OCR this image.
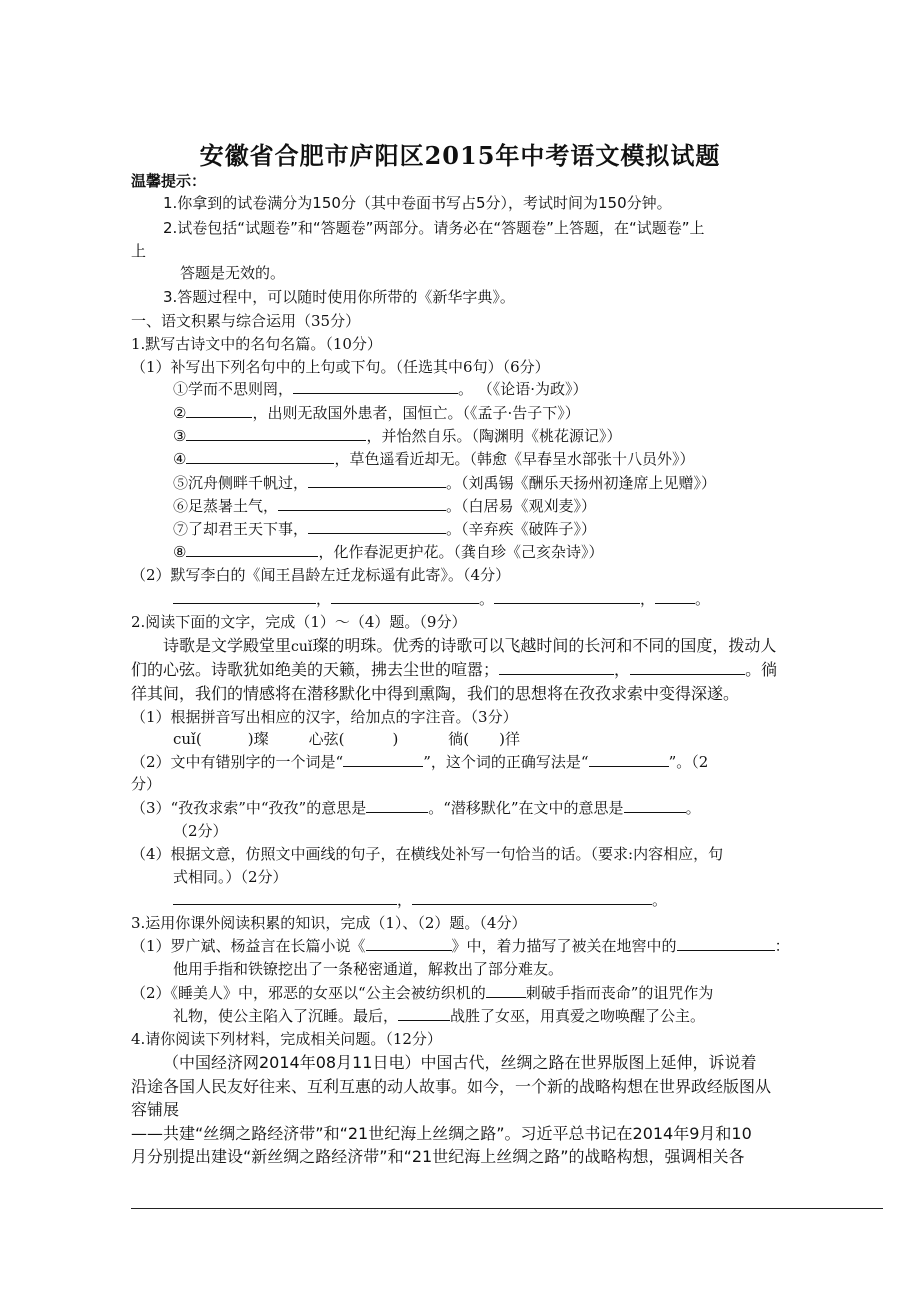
安徽省合肥市庐阳区2015年中考语文模拟试题
温馨提示：
1.你拿到的试卷满分为150分（其中卷面书写占5分），考试时间为150分钟。
2.试卷包括“试题卷”和“答题卷”两部分。请务必在“答题卷”上答题，在“试题卷”上
上
答题是无效的。
3.答题过程中，可以随时使用你所带的《新华字典》。
一、语文积累与综合运用（35分）
1.默写古诗文中的名句名篇。（10分）
（1）补写出下列名句中的上句或下句。（任选其中6句）（6分）
①学而不思则罔，	。 （《论语·为政》）
②	，出则无敌国外患者，国恒亡。（《孟子·告子下》）
③	，并怡然自乐。（陶渊明《桃花源记》）
④	，草色遥看近却无。（韩愈《早春呈水部张十八员外》）
⑤沉舟侧畔千帆过，	。（刘禹锡《酬乐天扬州初逢席上见赠》）
⑥足蒸暑土气，	。（白居易《观刈麦》）
⑦了却君王天下事，	。（辛弃疾《破阵子》）
⑧	，化作春泥更护花。（龚自珍《己亥杂诗》）
（2）默写李白的《闻王昌龄左迁龙标遥有此寄》。（4分）
，	。	，	。
2.阅读下面的文字，完成（1）～（4）题。（9分）
诗歌是文学殿堂里cuǐ璨的明珠。优秀的诗歌可以飞越时间的长河和不同的国度，拨动人
们的心弦。诗歌犹如绝美的天籁，拂去尘世的喧嚣；	，	。徜
徉其间，我们的情感将在潜移默化中得到熏陶，我们的思想将在孜孜求索中变得深遂。
（1）根据拼音写出相应的汉字，给加点的字注音。（3分）
cuǐ(	)璨	心弦(	)	徜( )徉
（2）文中有错别字的一个词是“	”，这个词的正确写法是“	”。（2
分）
（3）“孜孜求索”中“孜孜”的意思是	。“潜移默化”在文中的意思是	。
（2分）
（4）根据文意，仿照文中画线的句子，在横线处补写一句恰当的话。（要求:内容相应，句
式相同。）（2分）
，	。
3.运用你课外阅读积累的知识，完成（1）、（2）题。（4分）
（1）罗广斌、杨益言在长篇小说《	》中，着力描写了被关在地窖中的	：
他用手指和铁镣挖出了一条秘密通道，解救出了部分难友。
（2）《睡美人》中，邪恶的女巫以“公主会被纺织机的	刺破手指而丧命”的诅咒作为
礼物，使公主陷入了沉睡。最后，	战胜了女巫，用真爱之吻唤醒了公主。
4.请你阅读下列材料，完成相关问题。（12分）
（中国经济网2014年08月11日电）中国古代，丝绸之路在世界版图上延伸，诉说着
沿途各国人民友好往来、互利互惠的动人故事。如今，一个新的战略构想在世界政经版图从
容铺展
——共建“丝绸之路经济带”和“21世纪海上丝绸之路”。习近平总书记在2014年9月和10
月分别提出建设“新丝绸之路经济带”和“21世纪海上丝绸之路”的战略构想，强调相关各
